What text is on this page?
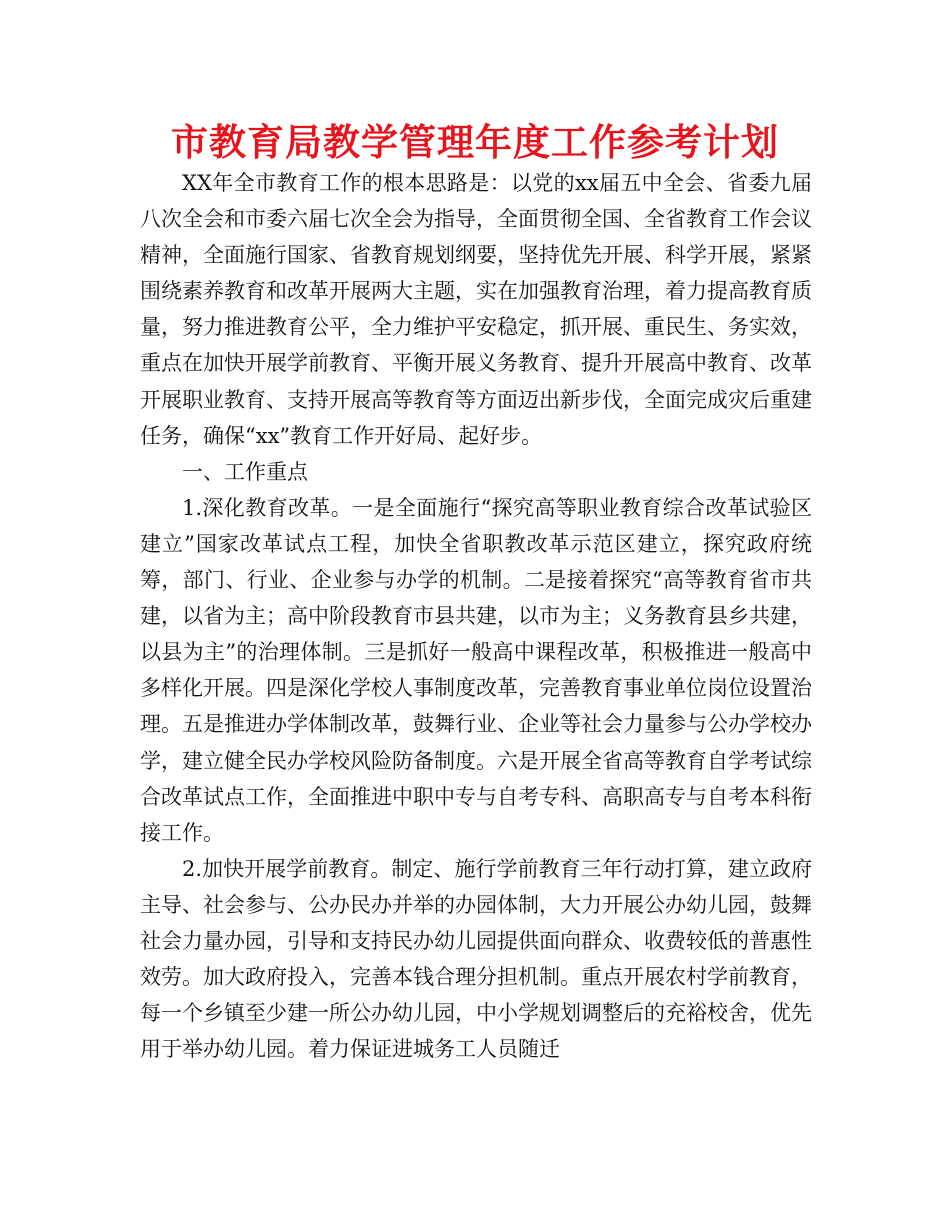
市教育局教学管理年度工作参考计划

XX年全市教育工作的根本思路是：以党的xx届五中全会、省委九届八次全会和市委六届七次全会为指导，全面贯彻全国、全省教育工作会议精神，全面施行国家、省教育规划纲要，坚持优先开展、科学开展，紧紧围绕素养教育和改革开展两大主题，实在加强教育治理，着力提高教育质量，努力推进教育公平，全力维护平安稳定，抓开展、重民生、务实效，重点在加快开展学前教育、平衡开展义务教育、提升开展高中教育、改革开展职业教育、支持开展高等教育等方面迈出新步伐，全面完成灾后重建任务，确保“xx”教育工作开好局、起好步。

一、工作重点

1.深化教育改革。一是全面施行“探究高等职业教育综合改革试验区建立”国家改革试点工程，加快全省职教改革示范区建立，探究政府统筹，部门、行业、企业参与办学的机制。二是接着探究“高等教育省市共建，以省为主；高中阶段教育市县共建，以市为主；义务教育县乡共建，以县为主”的治理体制。三是抓好一般高中课程改革，积极推进一般高中多样化开展。四是深化学校人事制度改革，完善教育事业单位岗位设置治理。五是推进办学体制改革，鼓舞行业、企业等社会力量参与公办学校办学，建立健全民办学校风险防备制度。六是开展全省高等教育自学考试综合改革试点工作，全面推进中职中专与自考专科、高职高专与自考本科衔接工作。

2.加快开展学前教育。制定、施行学前教育三年行动打算，建立政府主导、社会参与、公办民办并举的办园体制，大力开展公办幼儿园，鼓舞社会力量办园，引导和支持民办幼儿园提供面向群众、收费较低的普惠性效劳。加大政府投入，完善本钱合理分担机制。重点开展农村学前教育，每一个乡镇至少建一所公办幼儿园，中小学规划调整后的充裕校舍，优先用于举办幼儿园。着力保证进城务工人员随迁
